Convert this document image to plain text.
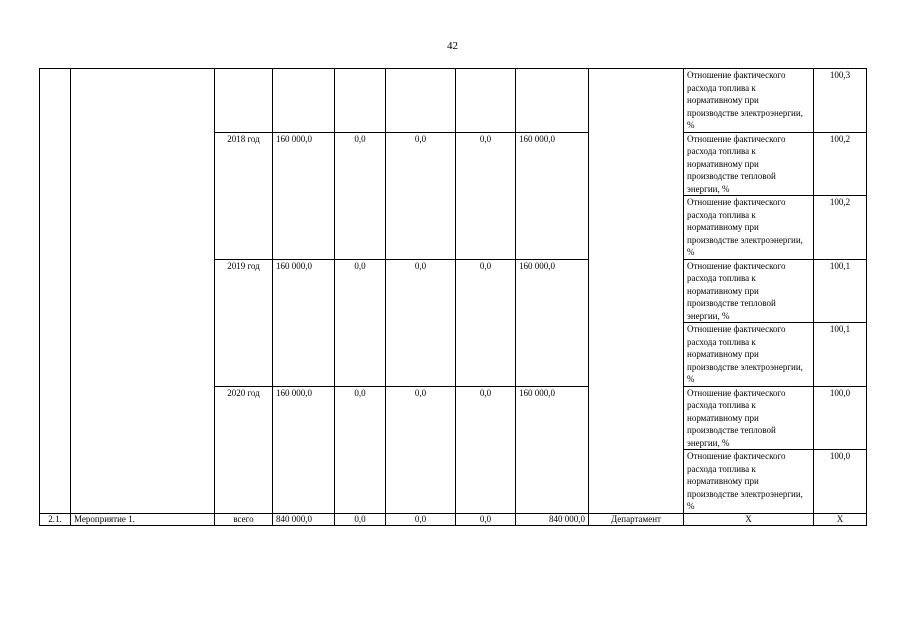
42
									Отношение фактического расхода топлива к нормативному при производстве электроэнергии, %	100,3
		2018 год	160 000,0	0,0	0,0	0,0	160 000,0		Отношение фактического расхода топлива к нормативному при производстве тепловой энергии, %	100,2
									Отношение фактического расхода топлива к нормативному при производстве электроэнергии, %	100,2
		2019 год	160 000,0	0,0	0,0	0,0	160 000,0		Отношение фактического расхода топлива к нормативному при производстве тепловой энергии, %	100,1
									Отношение фактического расхода топлива к нормативному при производстве электроэнергии, %	100,1
		2020 год	160 000,0	0,0	0,0	0,0	160 000,0		Отношение фактического расхода топлива к нормативному при производстве тепловой энергии, %	100,0
									Отношение фактического расхода топлива к нормативному при производстве электроэнергии, %	100,0
2.1.	Мероприятие 1.	всего	840 000,0	0,0	0,0	0,0	840 000,0	Департамент	X	X
